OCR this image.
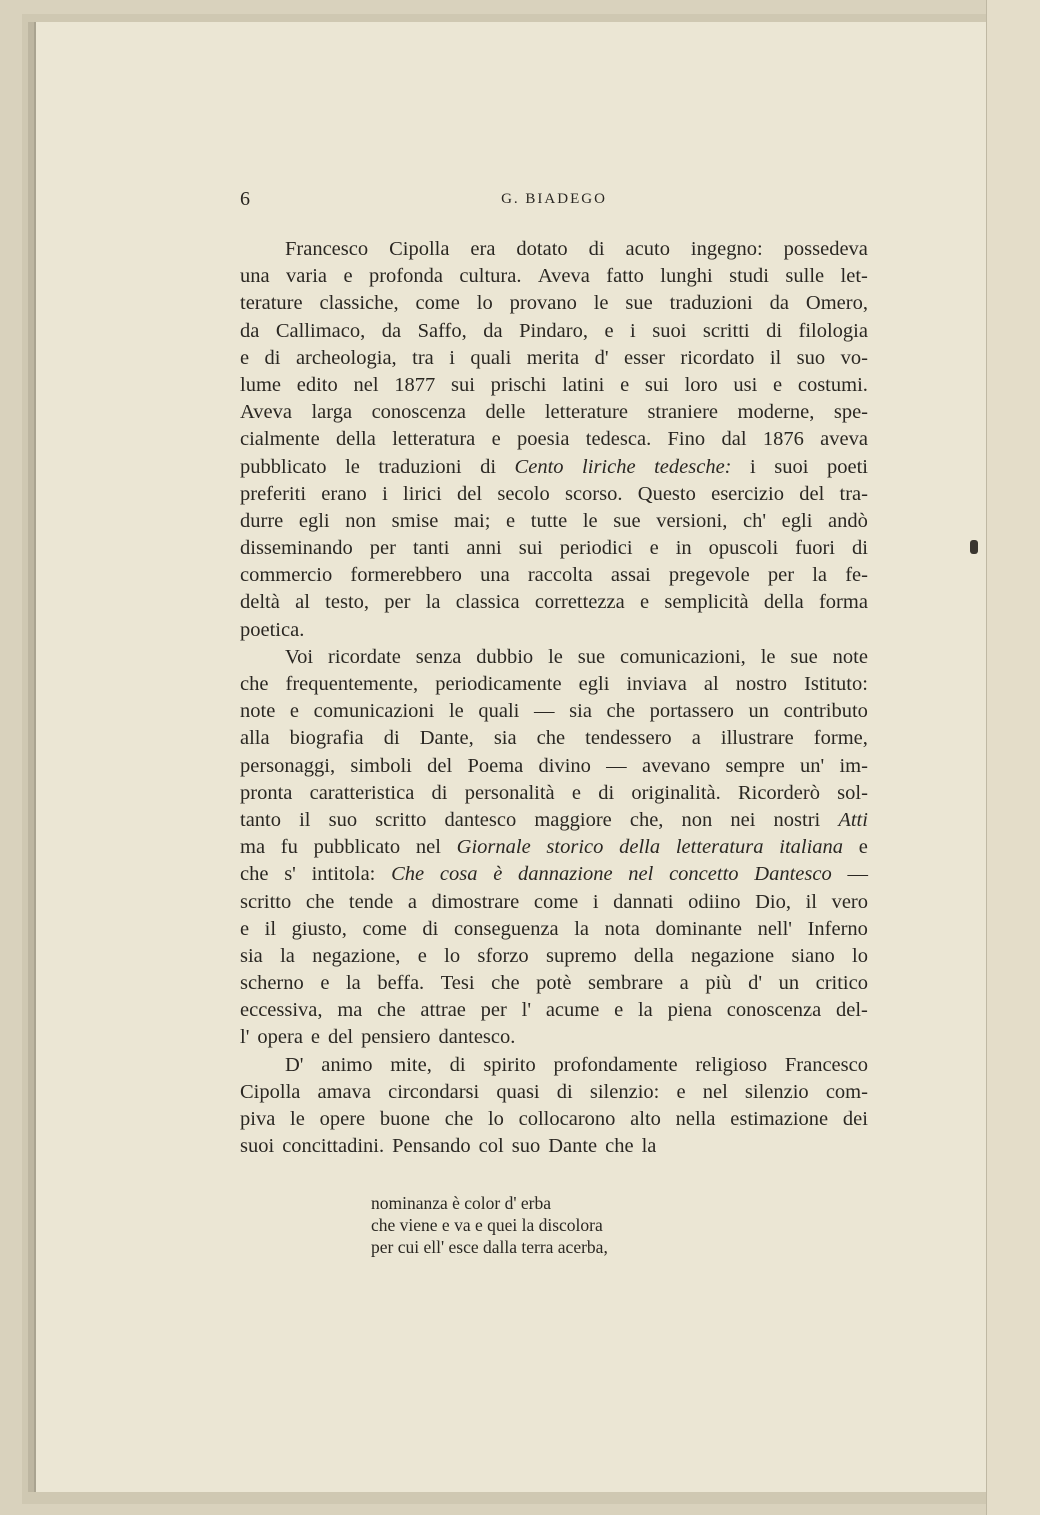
6	G. BIADEGO
Francesco Cipolla era dotato di acuto ingegno: possedeva
una varia e profonda cultura. Aveva fatto lunghi studi sulle let-
terature classiche, come lo provano le sue traduzioni da Omero,
da Callimaco, da Saffo, da Pindaro, e i suoi scritti di filologia
e di archeologia, tra i quali merita d' esser ricordato il suo vo-
lume edito nel 1877 sui prischi latini e sui loro usi e costumi.
Aveva larga conoscenza delle letterature straniere moderne, spe-
cialmente della letteratura e poesia tedesca. Fino dal 1876 aveva
pubblicato le traduzioni di Cento liriche tedesche: i suoi poeti
preferiti erano i lirici del secolo scorso. Questo esercizio del tra-
durre egli non smise mai; e tutte le sue versioni, ch' egli andò
disseminando per tanti anni sui periodici e in opuscoli fuori di
commercio formerebbero una raccolta assai pregevole per la fe-
deltà al testo, per la classica correttezza e semplicità della forma
poetica.
Voi ricordate senza dubbio le sue comunicazioni, le sue note
che frequentemente, periodicamente egli inviava al nostro Istituto:
note e comunicazioni le quali — sia che portassero un contributo
alla biografia di Dante, sia che tendessero a illustrare forme,
personaggi, simboli del Poema divino — avevano sempre un' im-
pronta caratteristica di personalità e di originalità. Ricorderò sol-
tanto il suo scritto dantesco maggiore che, non nei nostri Atti
ma fu pubblicato nel Giornale storico della letteratura italiana e
che s' intitola: Che cosa è dannazione nel concetto Dantesco —
scritto che tende a dimostrare come i dannati odiino Dio, il vero
e il giusto, come di conseguenza la nota dominante nell' Inferno
sia la negazione, e lo sforzo supremo della negazione siano lo
scherno e la beffa. Tesi che potè sembrare a più d' un critico
eccessiva, ma che attrae per l' acume e la piena conoscenza del-
l' opera e del pensiero dantesco.
D' animo mite, di spirito profondamente religioso Francesco
Cipolla amava circondarsi quasi di silenzio: e nel silenzio com-
piva le opere buone che lo collocarono alto nella estimazione dei
suoi concittadini. Pensando col suo Dante che la
nominanza è color d' erba
che viene e va e quei la discolora
per cui ell' esce dalla terra acerba,
